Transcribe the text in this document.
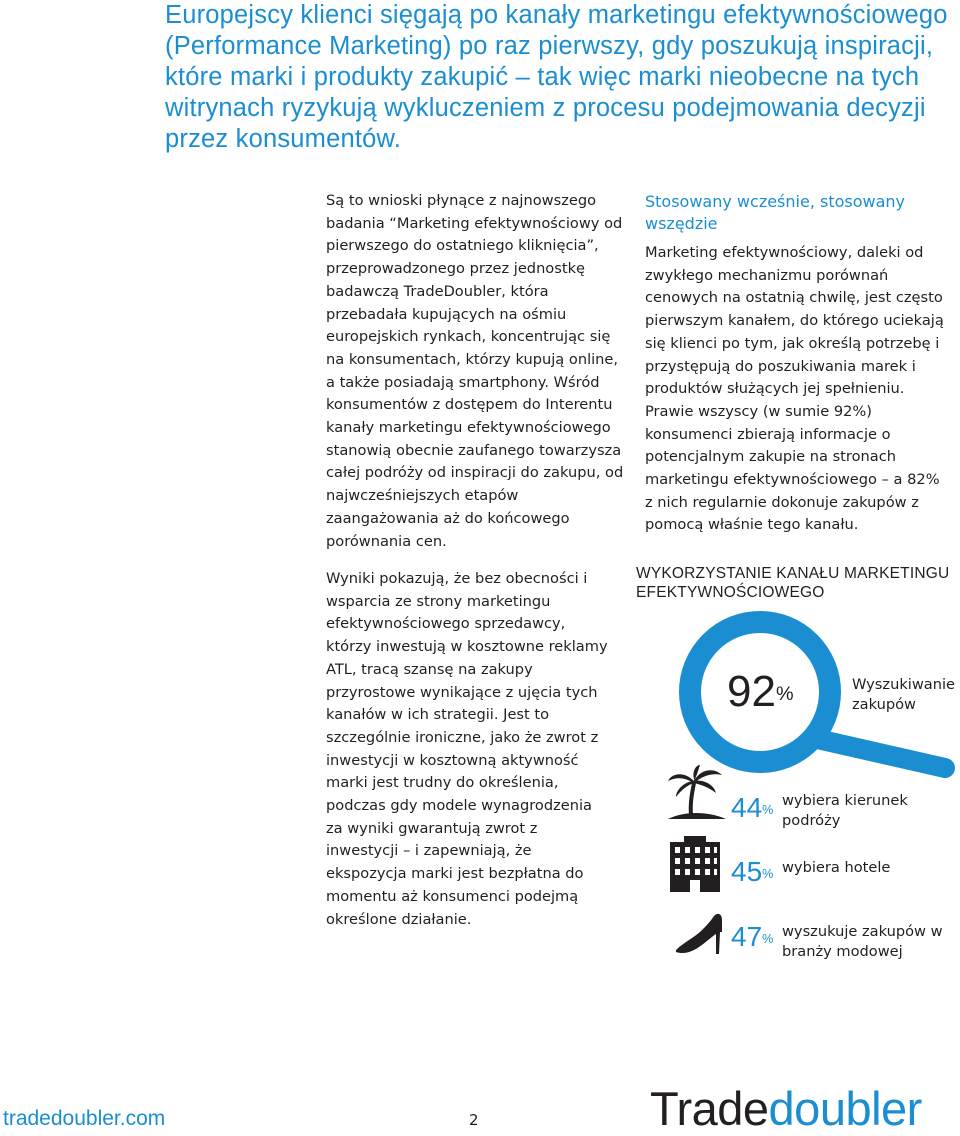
Europejscy klienci sięgają po kanały marketingu efektywnościowego (Performance Marketing) po raz pierwszy, gdy poszukują inspiracji, które marki i produkty zakupić – tak więc marki nieobecne na tych witrynach ryzykują wykluczeniem z procesu podejmowania decyzji przez konsumentów.

Są to wnioski płynące z najnowszego badania “Marketing efektywnościowy od pierwszego do ostatniego kliknięcia”, przeprowadzonego przez jednostkę badawczą TradeDoubler, która przebadała kupujących na ośmiu europejskich rynkach, koncentrując się na konsumentach, którzy kupują online, a także posiadają smartphony. Wśród konsumentów z dostępem do Interentu kanały marketingu efektywnościowego stanowią obecnie zaufanego towarzysza całej podróży od inspiracji do zakupu, od najwcześniejszych etapów zaangażowania aż do końcowego porównania cen.

Wyniki pokazują, że bez obecności i wsparcia ze strony marketingu efektywnościowego sprzedawcy, którzy inwestują w kosztowne reklamy ATL, tracą szansę na zakupy przyrostowe wynikające z ujęcia tych kanałów w ich strategii. Jest to szczególnie ironiczne, jako że zwrot z inwestycji w kosztowną aktywność marki jest trudny do określenia, podczas gdy modele wynagrodzenia za wyniki gwarantują zwrot z inwestycji – i zapewniają, że ekspozycja marki jest bezpłatna do momentu aż konsumenci podejmą określone działanie.

Stosowany wcześnie, stosowany wszędzie

Marketing efektywnościowy, daleki od zwykłego mechanizmu porównań cenowych na ostatnią chwilę, jest często pierwszym kanałem, do którego uciekają się klienci po tym, jak określą potrzebę i przystępują do poszukiwania marek i produktów służących jej spełnieniu. Prawie wszyscy (w sumie 92%) konsumenci zbierają informacje o potencjalnym zakupie na stronach marketingu efektywnościowego – a 82% z nich regularnie dokonuje zakupów z pomocą właśnie tego kanału.

WYKORZYSTANIE KANAŁU MARKETINGU EFEKTYWNOŚCIOWEGO
92%	Wyszukiwanie zakupów
44%
wybiera kierunek podróży
45% wybiera hotele
47% wyszukuje zakupów w branży modowej
tradedoubler.com	2	Tradedoubler
